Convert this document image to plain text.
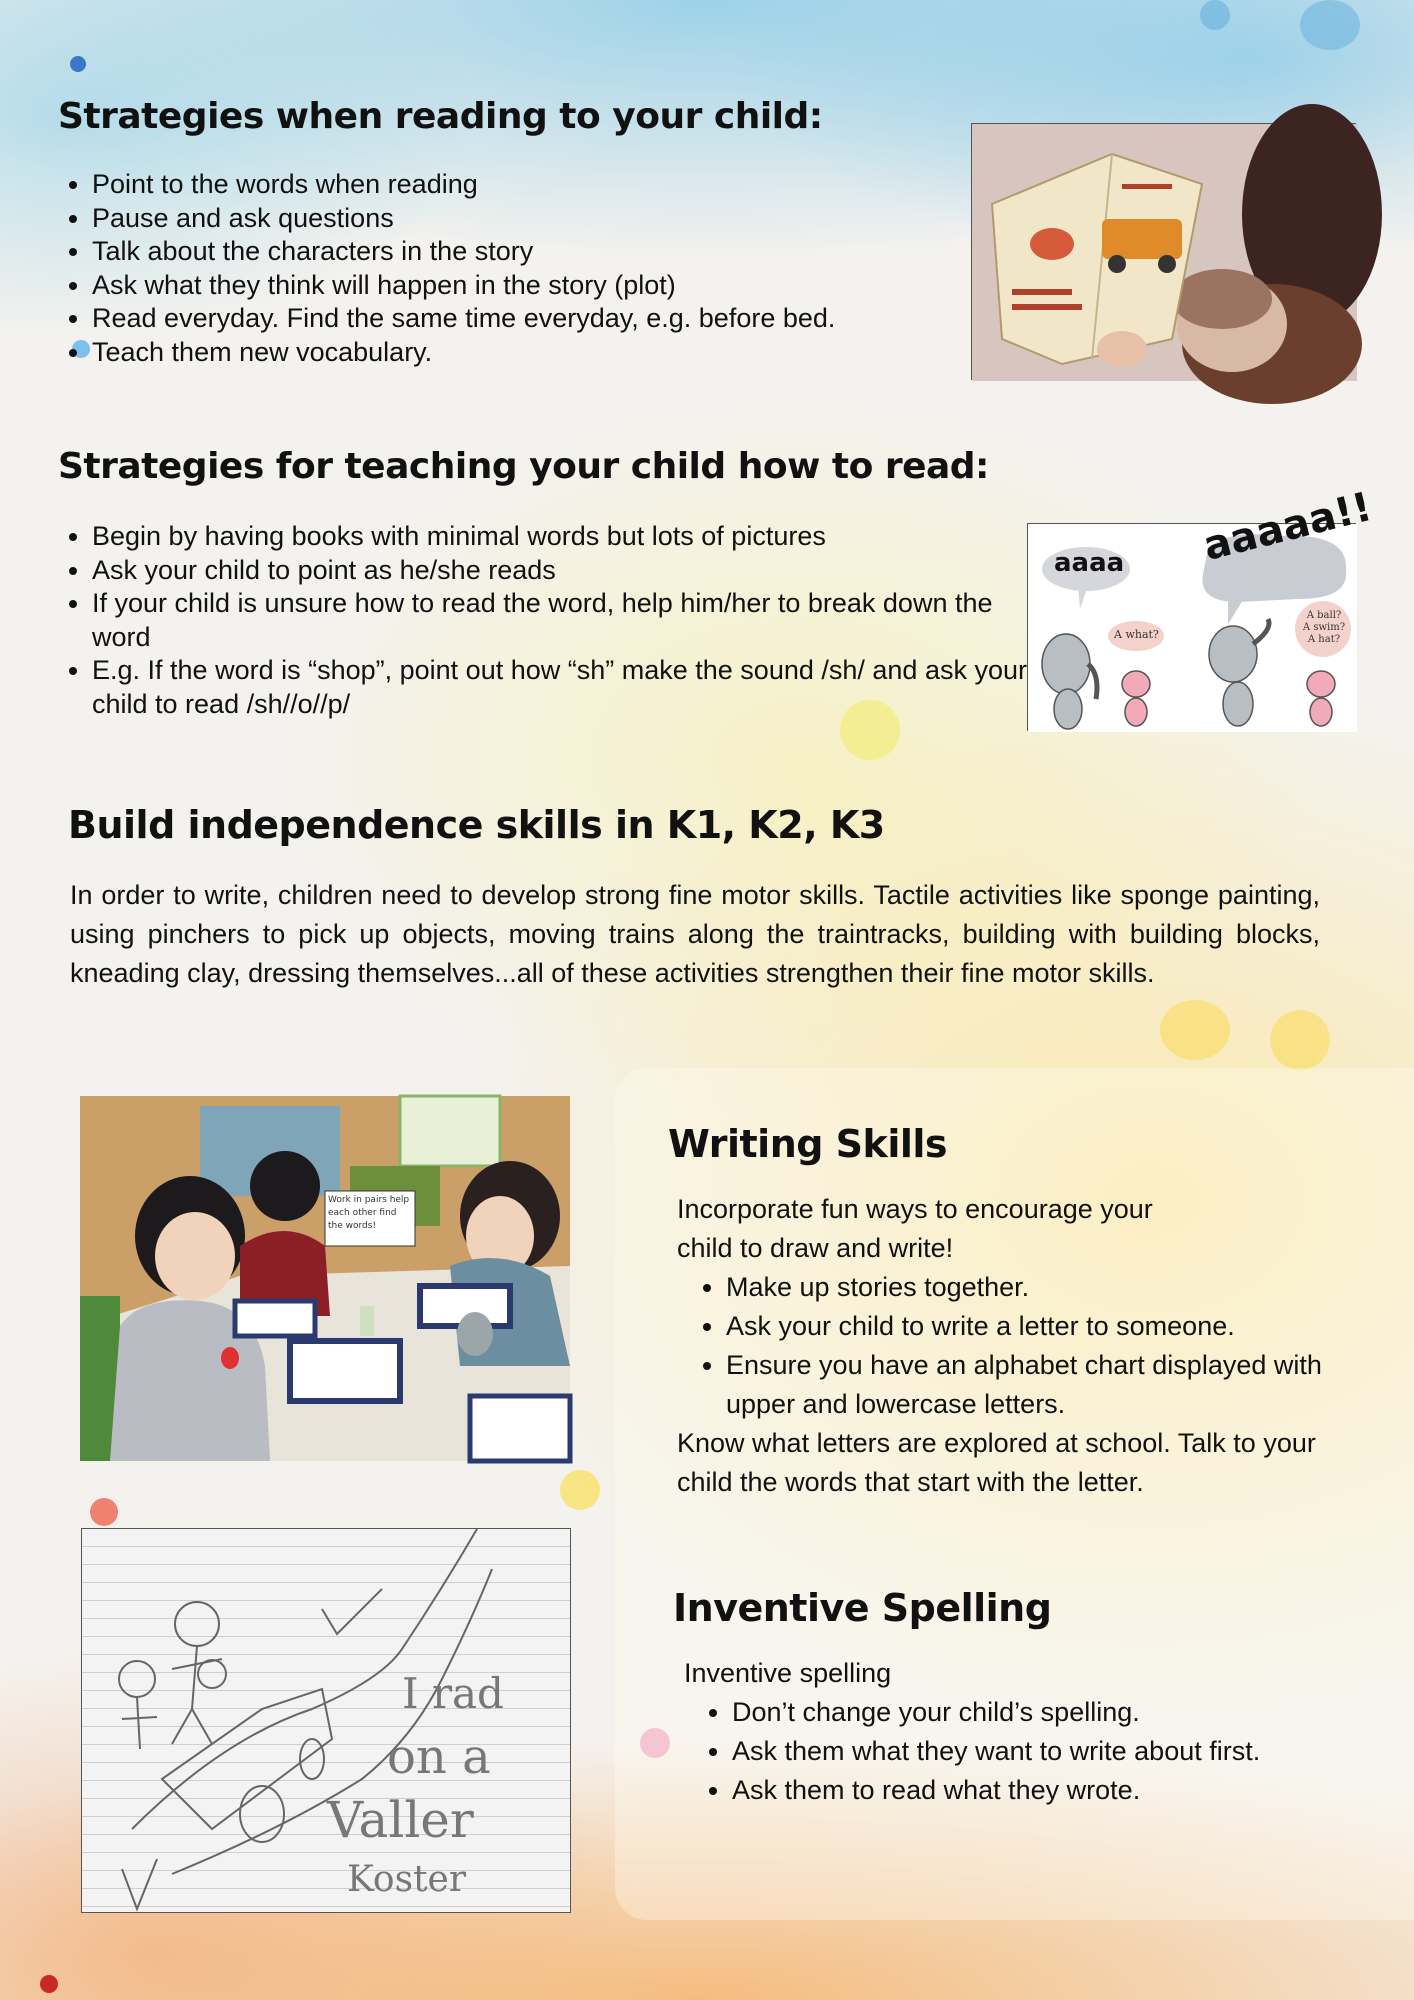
Strategies when reading to your child:
• Point to the words when reading
• Pause and ask questions
• Talk about the characters in the story
• Ask what they think will happen in the story (plot)
• Read everyday. Find the same time everyday, e.g. before bed.
• Teach them new vocabulary.
Strategies for teaching your child how to read:
• Begin by having books with minimal words but lots of pictures
• Ask your child to point as he/she reads
• If your child is unsure how to read the word, help him/her to break down the word
• E.g. If the word is “shop”, point out how “sh” make the sound /sh/ and ask your child to read /sh//o//p/
aaaa aaaaa!!
A what?
A ball? A swim? A hat?
Build independence skills in K1, K2, K3

In order to write, children need to develop strong fine motor skills. Tactile activities like sponge painting, using pinchers to pick up objects, moving trains along the traintracks, building with building blocks, kneading clay, dressing themselves...all of these activities strengthen their fine motor skills.

Work in pairs help each other find the words!
Writing Skills

Incorporate fun ways to encourage your child to draw and write!

• Make up stories together.
• Ask your child to write a letter to someone.
• Ensure you have an alphabet chart displayed with upper and lowercase letters.

Know what letters are explored at school. Talk to your child the words that start with the letter.

I rad
on a
Valler
Koster
Inventive Spelling

Inventive spelling

• Don’t change your child’s spelling.
• Ask them what they want to write about first.
• Ask them to read what they wrote.
